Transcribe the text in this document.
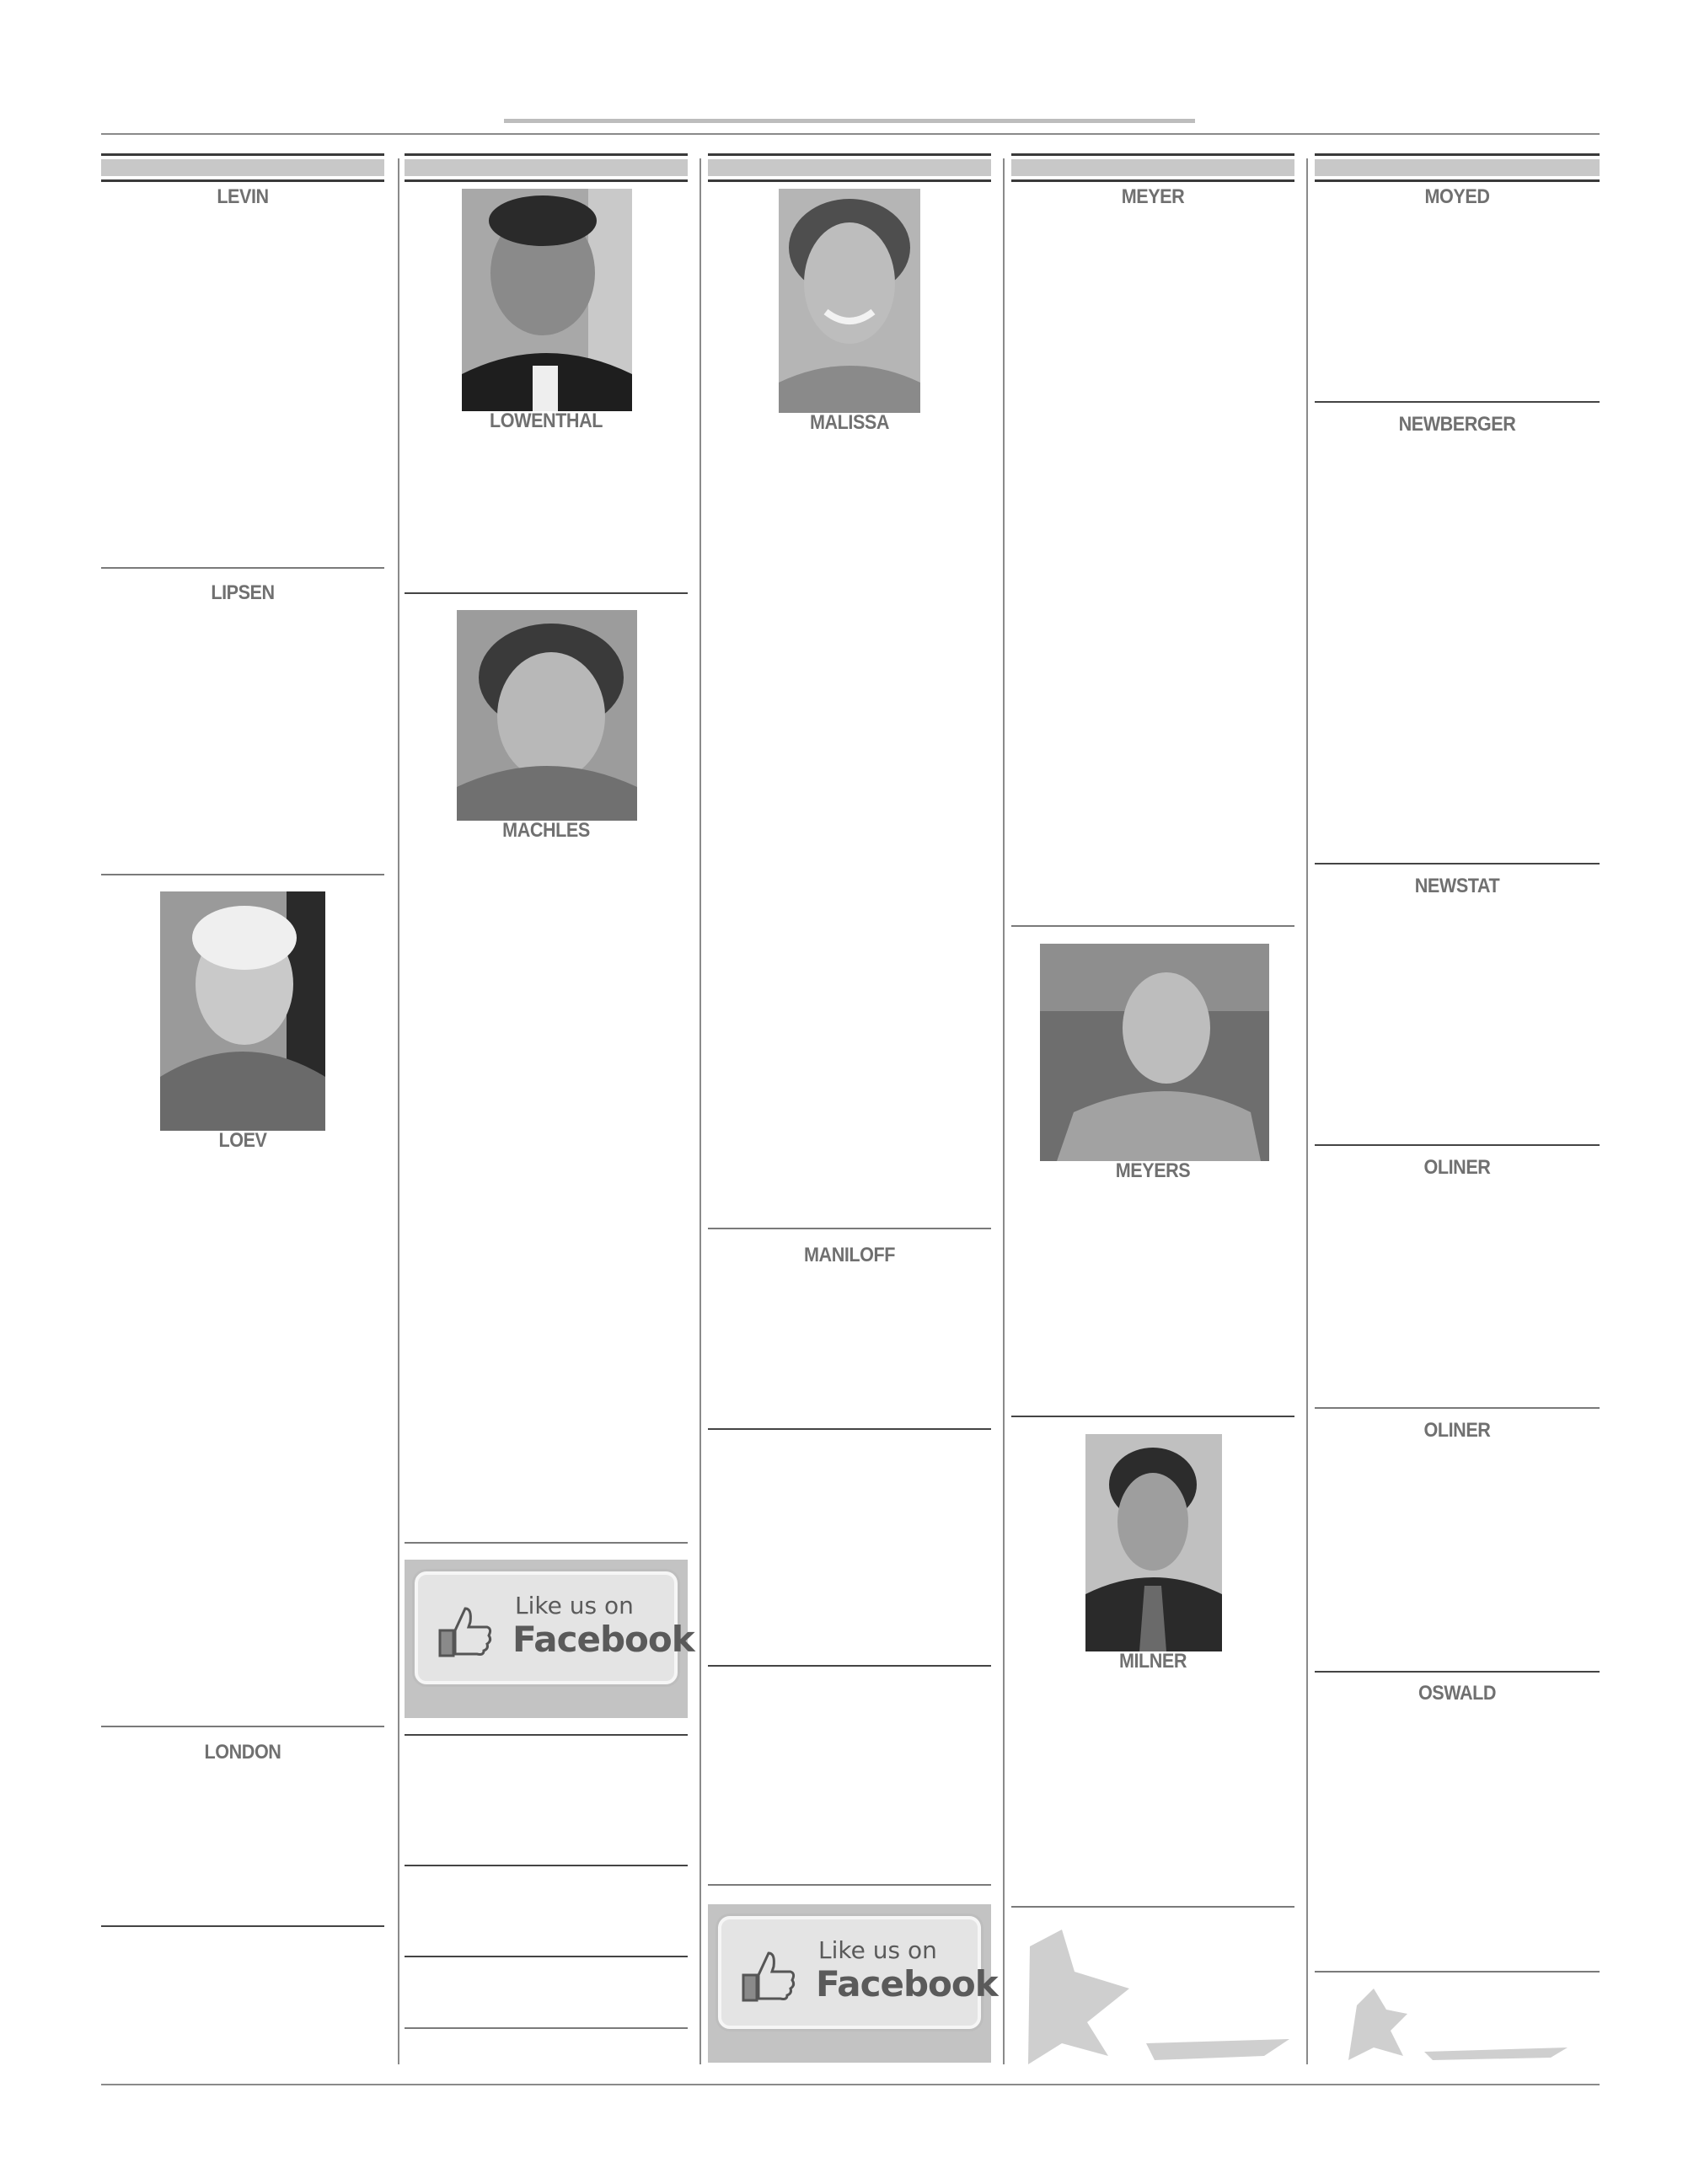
LEVIN
LIPSEN
LOEV
LONDON
LOWENTHAL
MACHLES
Like us on
Facebook
MALISSA
MANILOFF
Like us on
Facebook
MEYER
MEYERS
MILNER
MOYED
NEWBERGER
NEWSTAT
OLINER
OLINER
OSWALD
